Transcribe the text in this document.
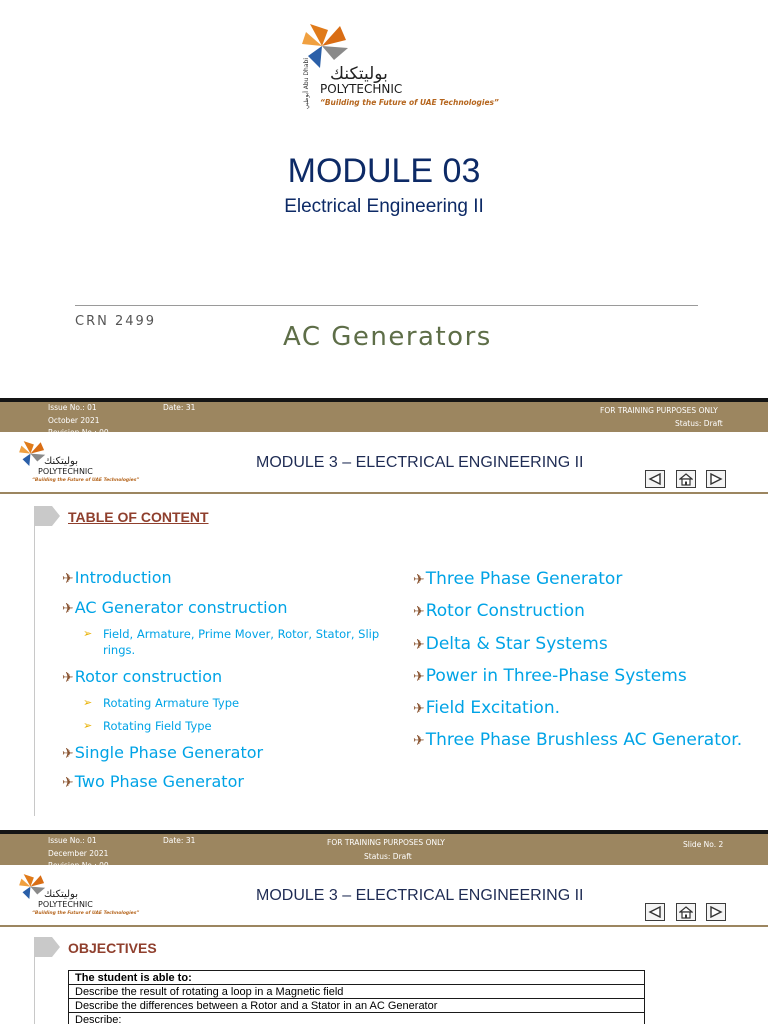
أبوظبي Abu Dhabi بوليتكنك
POLYTECHNIC
“Building the Future of UAE Technologies”
MODULE 03
Electrical Engineering II
CRN 2499
AC Generators
Issue No.: 01	Date: 31
October 2021
FOR TRAINING PURPOSES ONLY
Status: Draft
بوليتكنك
POLYTECHNIC
“Building the Future of UAE Technologies”
MODULE 3 – ELECTRICAL ENGINEERING II
TABLE OF CONTENT
✈Introduction
✈AC Generator construction
➢ Field, Armature, Prime Mover, Rotor, Stator, Slip
rings.
✈Rotor construction
➢ Rotating Armature Type
➢ Rotating Field Type
✈Single Phase Generator
✈Two Phase Generator
✈Three Phase Generator
✈Rotor Construction
✈Delta & Star Systems
✈Power in Three-Phase Systems
✈Field Excitation.
✈Three Phase Brushless AC Generator.
Issue No.: 01	Date: 31
December 2021
FOR TRAINING PURPOSES ONLY
Status: Draft
Slide No. 2
بوليتكنك
POLYTECHNIC
“Building the Future of UAE Technologies”
MODULE 3 – ELECTRICAL ENGINEERING II
OBJECTIVES
The student is able to:
Describe the result of rotating a loop in a Magnetic field
Describe the differences between a Rotor and a Stator in an AC Generator
Describe:
